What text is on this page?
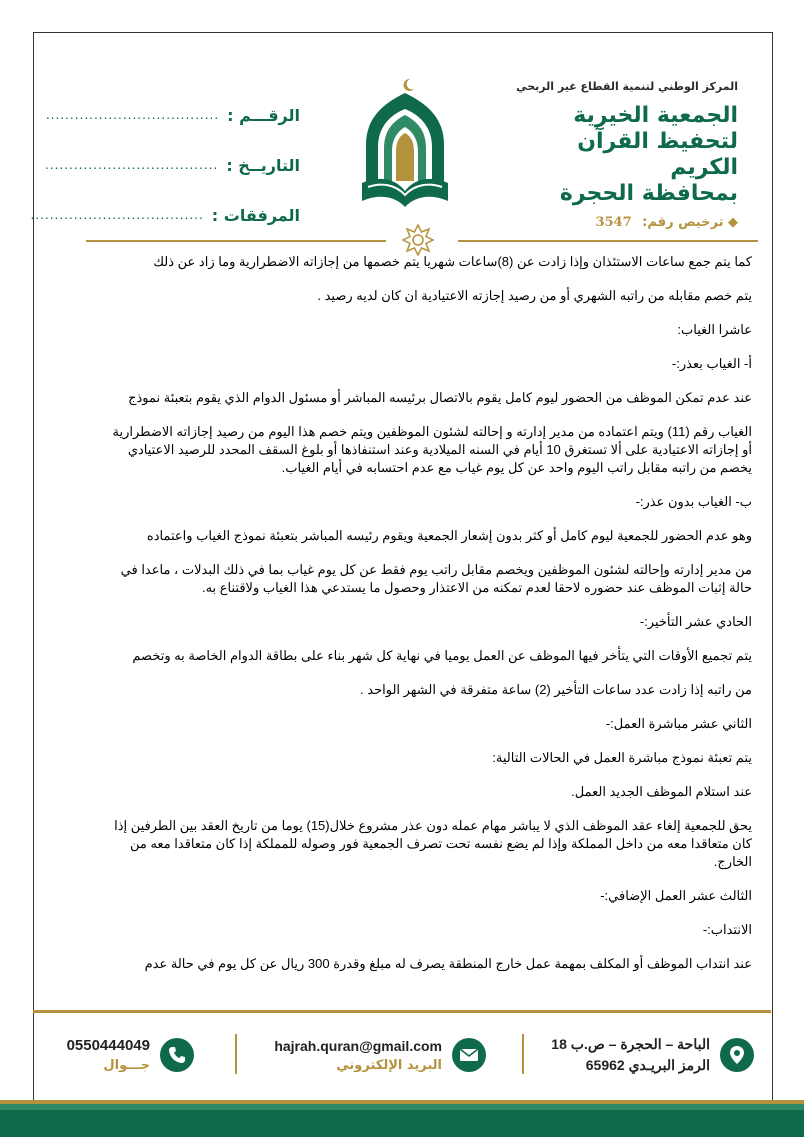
المركز الوطني لتنمية القطاع غير الربحي
الجمعية الخيرية
لتحفيظ القرآن الكريم
بمحافظة الحجرة
◆ ترخيص رقم: 3547
الرقـــم :
....................................
التاريــخ :
....................................
المرفقات :
....................................

كما يتم جمع ساعات الاستئذان وإذا زادت عن (8)ساعات شهريا يتم خصمها من إجازاته الاضطرارية وما زاد عن ذلك

يتم خصم مقابله من راتبه الشهري أو من رصيد إجازته الاعتيادية ان كان لديه رصيد .

عاشرا الغياب:

أ- الغياب بعذر:-

عند عدم تمكن الموظف من الحضور ليوم كامل يقوم بالاتصال برئيسه المباشر أو مسئول الدوام الذي يقوم بتعبئة نموذج

الغياب رقم (11) ويتم اعتماده من مدير إدارته و إحالته لشئون الموظفين ويتم خصم هذا اليوم من رصيد إجازاته الاضطرارية أو إجازاته الاعتيادية على ألا تستغرق 10 أيام في السنه الميلادية وعند استنفاذها أو بلوغ السقف المحدد للرصيد الاعتيادي يخصم من راتبه مقابل راتب اليوم واحد عن كل يوم غياب مع عدم احتسابه في أيام الغياب.

ب- الغياب بدون عذر:-

وهو عدم الحضور للجمعية ليوم كامل أو كثر بدون إشعار الجمعية ويقوم رئيسه المباشر بتعبئة نموذج الغياب واعتماده

من مدير إدارته وإحالته لشئون الموظفين ويخصم مقابل راتب يوم فقط عن كل يوم غياب بما في ذلك البدلات ، ماعدا في حالة إثبات الموظف عند حضوره لاحقا لعدم تمكنه من الاعتذار وحصول ما يستدعي هذا الغياب ولاقتناع به.

الحادي عشر التأخير:-

يتم تجميع الأوقات التي يتأخر فيها الموظف عن العمل يوميا في نهاية كل شهر بناء على بطاقة الدوام الخاصة به وتخصم

من راتبه إذا زادت عدد ساعات التأخير (2) ساعة متفرقة في الشهر الواحد .

الثاني عشر مباشرة العمل:-

يتم تعبئة نموذج مباشرة العمل في الحالات التالية:

عند استلام الموظف الجديد العمل.

يحق للجمعية إلغاء عقد الموظف الذي لا يباشر مهام عمله دون عذر مشروع خلال(15) يوما من تاريخ العقد بين الطرفين إذا كان متعاقدا معه من داخل المملكة وإذا لم يضع نفسه تحت تصرف الجمعية فور وصوله للمملكة إذا كان متعاقدا معه من الخارج.

الثالث عشر العمل الإضافي:-

الانتداب:-

عند انتداب الموظف أو المكلف بمهمة عمل خارج المنطقة يصرف له مبلغ وقدرة 300 ريال عن كل يوم في حالة عدم

الباحة – الحجرة – ص.ب 18
الرمز البريـدي 65962
hajrah.quran@gmail.com
البريد الإلكتروني
0550444049
جـــوال
